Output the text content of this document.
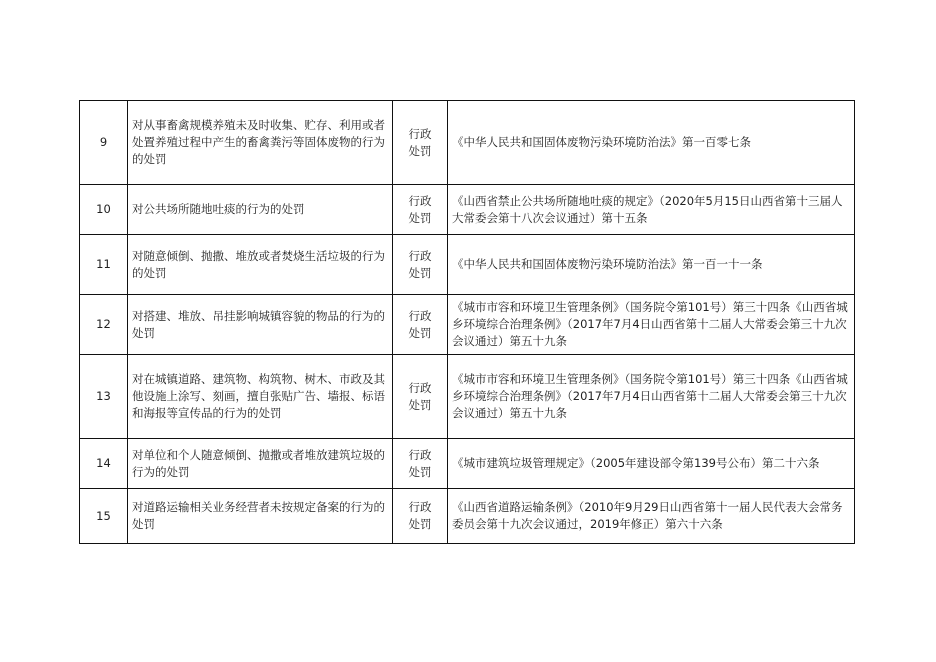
9	对从事畜禽规模养殖未及时收集、贮存、利用或者处置养殖过程中产生的畜禽粪污等固体废物的行为的处罚	行政处罚	《中华人民共和国固体废物污染环境防治法》第一百零七条
10	对公共场所随地吐痰的行为的处罚	行政处罚	《山西省禁止公共场所随地吐痰的规定》（2020年5月15日山西省第十三届人大常委会第十八次会议通过）第十五条
11	对随意倾倒、抛撒、堆放或者焚烧生活垃圾的行为的处罚	行政处罚	《中华人民共和国固体废物污染环境防治法》第一百一十一条
12	对搭建、堆放、吊挂影响城镇容貌的物品的行为的处罚	行政处罚	《城市市容和环境卫生管理条例》（国务院令第101号）第三十四条《山西省城乡环境综合治理条例》（2017年7月4日山西省第十二届人大常委会第三十九次会议通过）第五十九条
13	对在城镇道路、建筑物、构筑物、树木、市政及其他设施上涂写、刻画，擅自张贴广告、墙报、标语和海报等宣传品的行为的处罚	行政处罚	《城市市容和环境卫生管理条例》（国务院令第101号）第三十四条《山西省城乡环境综合治理条例》（2017年7月4日山西省第十二届人大常委会第三十九次会议通过）第五十九条
14	对单位和个人随意倾倒、抛撒或者堆放建筑垃圾的行为的处罚	行政处罚	《城市建筑垃圾管理规定》（2005年建设部令第139号公布）第二十六条
15	对道路运输相关业务经营者未按规定备案的行为的处罚	行政处罚	《山西省道路运输条例》（2010年9月29日山西省第十一届人民代表大会常务委员会第十九次会议通过，2019年修正）第六十六条
